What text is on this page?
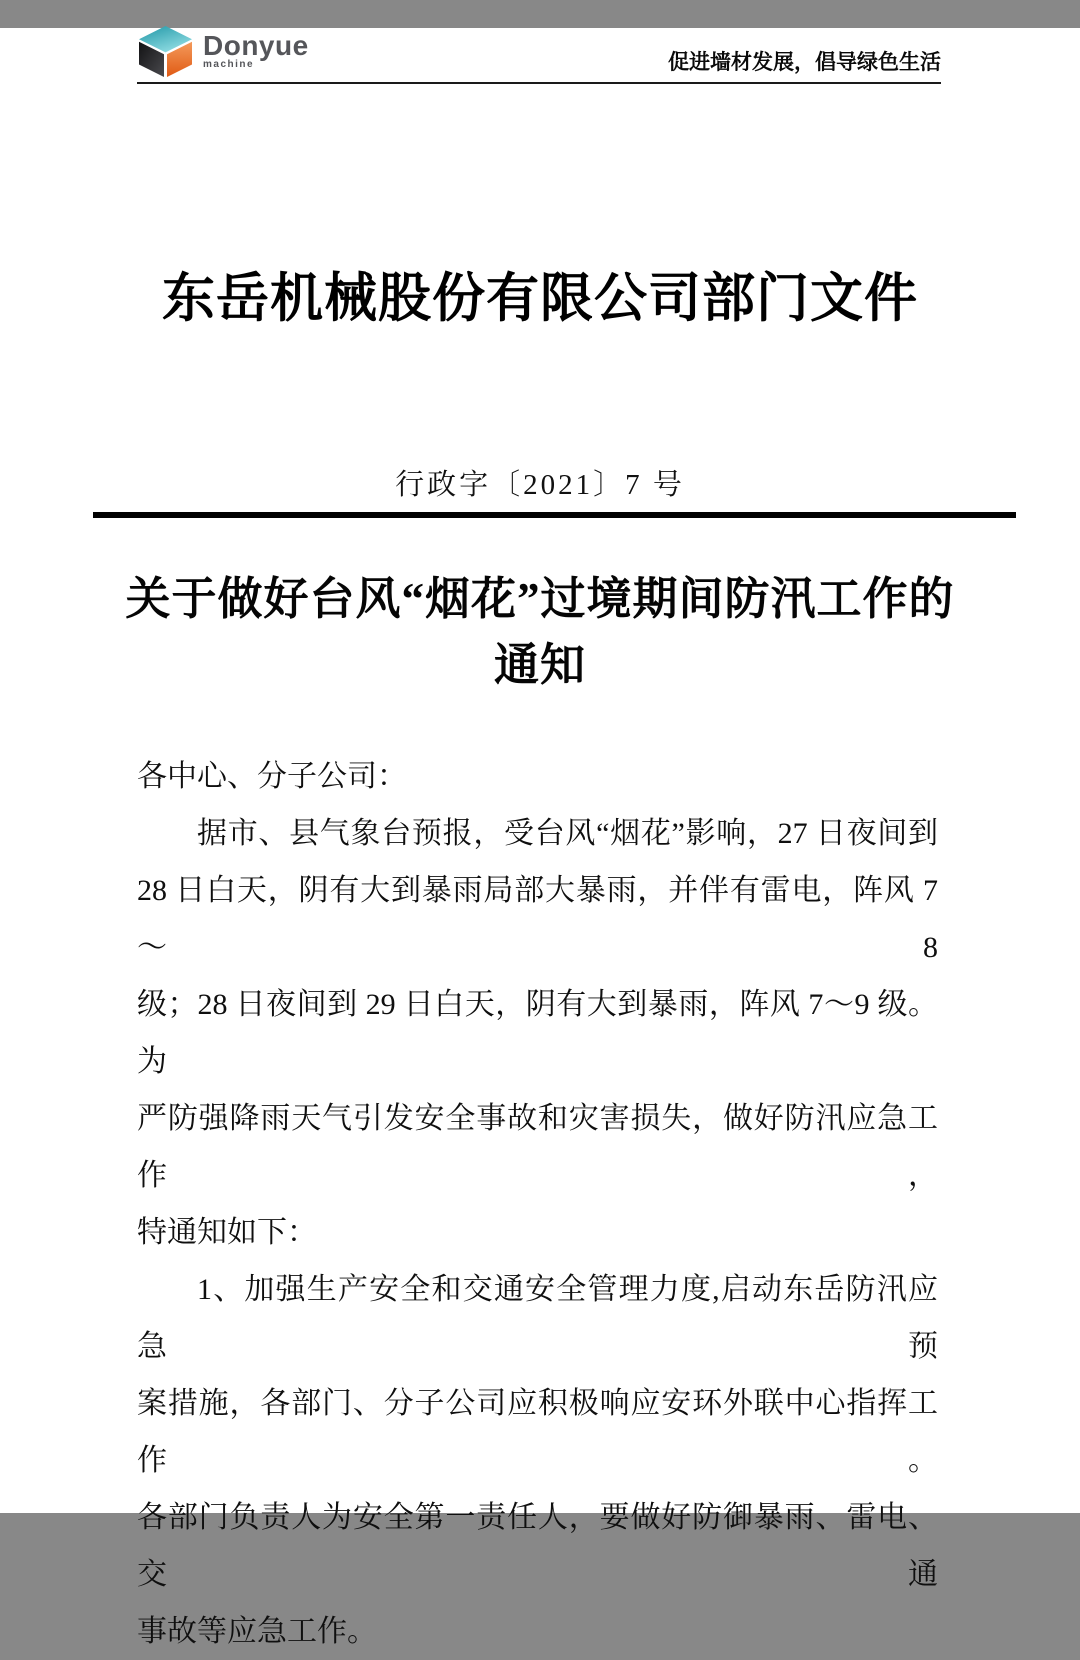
Donyue
machine	促进墙材发展，倡导绿色生活
东岳机械股份有限公司部门文件
行政字〔2021〕7 号
关于做好台风“烟花”过境期间防汛工作的
通知
各中心、分子公司：
据市、县气象台预报，受台风“烟花”影响，27 日夜间到
28 日白天，阴有大到暴雨局部大暴雨，并伴有雷电，阵风 7～8
级；28 日夜间到 29 日白天，阴有大到暴雨，阵风 7～9 级。为
严防强降雨天气引发安全事故和灾害损失，做好防汛应急工作，
特通知如下：
1、加强生产安全和交通安全管理力度,启动东岳防汛应急预
案措施，各部门、分子公司应积极响应安环外联中心指挥工作。
各部门负责人为安全第一责任人，要做好防御暴雨、雷电、交通
事故等应急工作。
